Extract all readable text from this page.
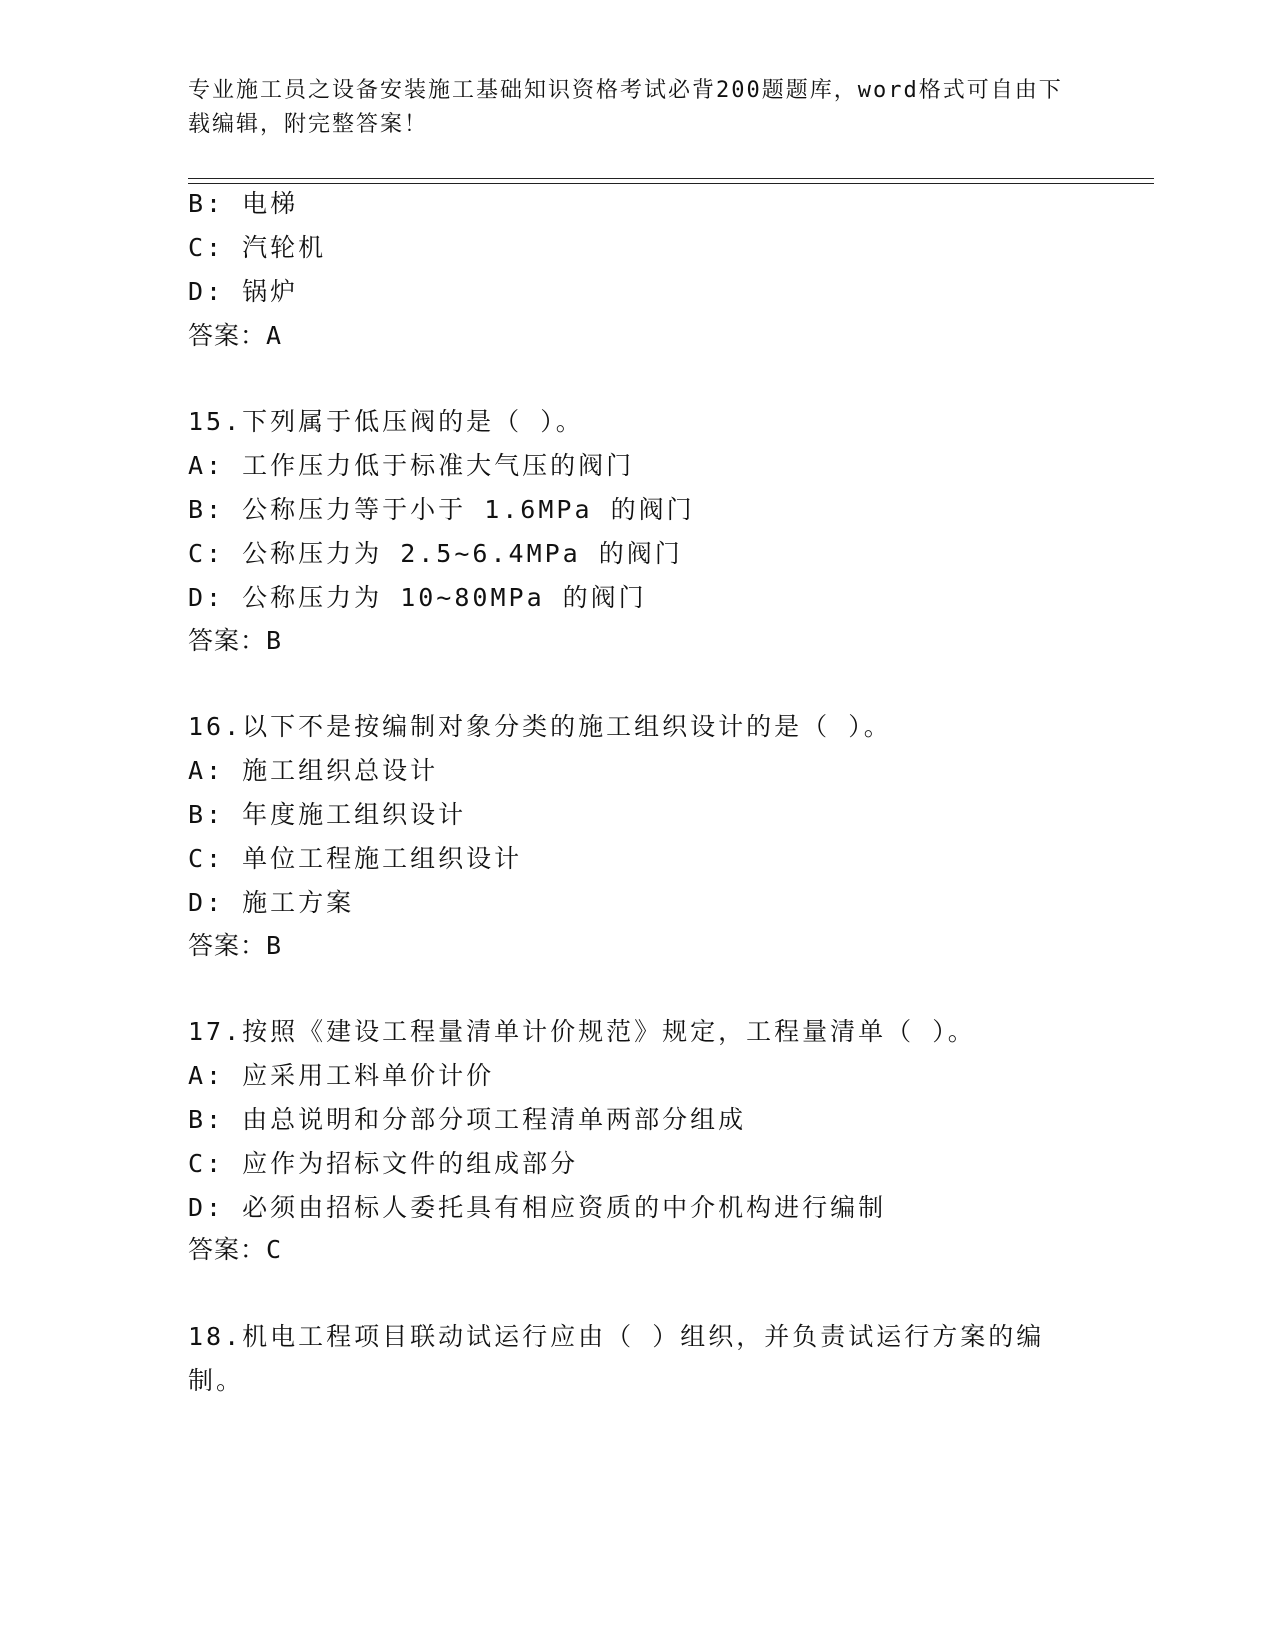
专业施工员之设备安装施工基础知识资格考试必背200题题库，word格式可自由下载编辑，附完整答案！
B: 电梯
C: 汽轮机
D: 锅炉
答案：A
15.下列属于低压阀的是（ ）。
A: 工作压力低于标准大气压的阀门
B: 公称压力等于小于 1.6MPa 的阀门
C: 公称压力为 2.5~6.4MPa 的阀门
D: 公称压力为 10~80MPa 的阀门
答案：B
16.以下不是按编制对象分类的施工组织设计的是（ ）。
A: 施工组织总设计
B: 年度施工组织设计
C: 单位工程施工组织设计
D: 施工方案
答案：B
17.按照《建设工程量清单计价规范》规定，工程量清单（ ）。
A: 应采用工料单价计价
B: 由总说明和分部分项工程清单两部分组成
C: 应作为招标文件的组成部分
D: 必须由招标人委托具有相应资质的中介机构进行编制
答案：C
18.机电工程项目联动试运行应由（ ）组织，并负责试运行方案的编
制。
